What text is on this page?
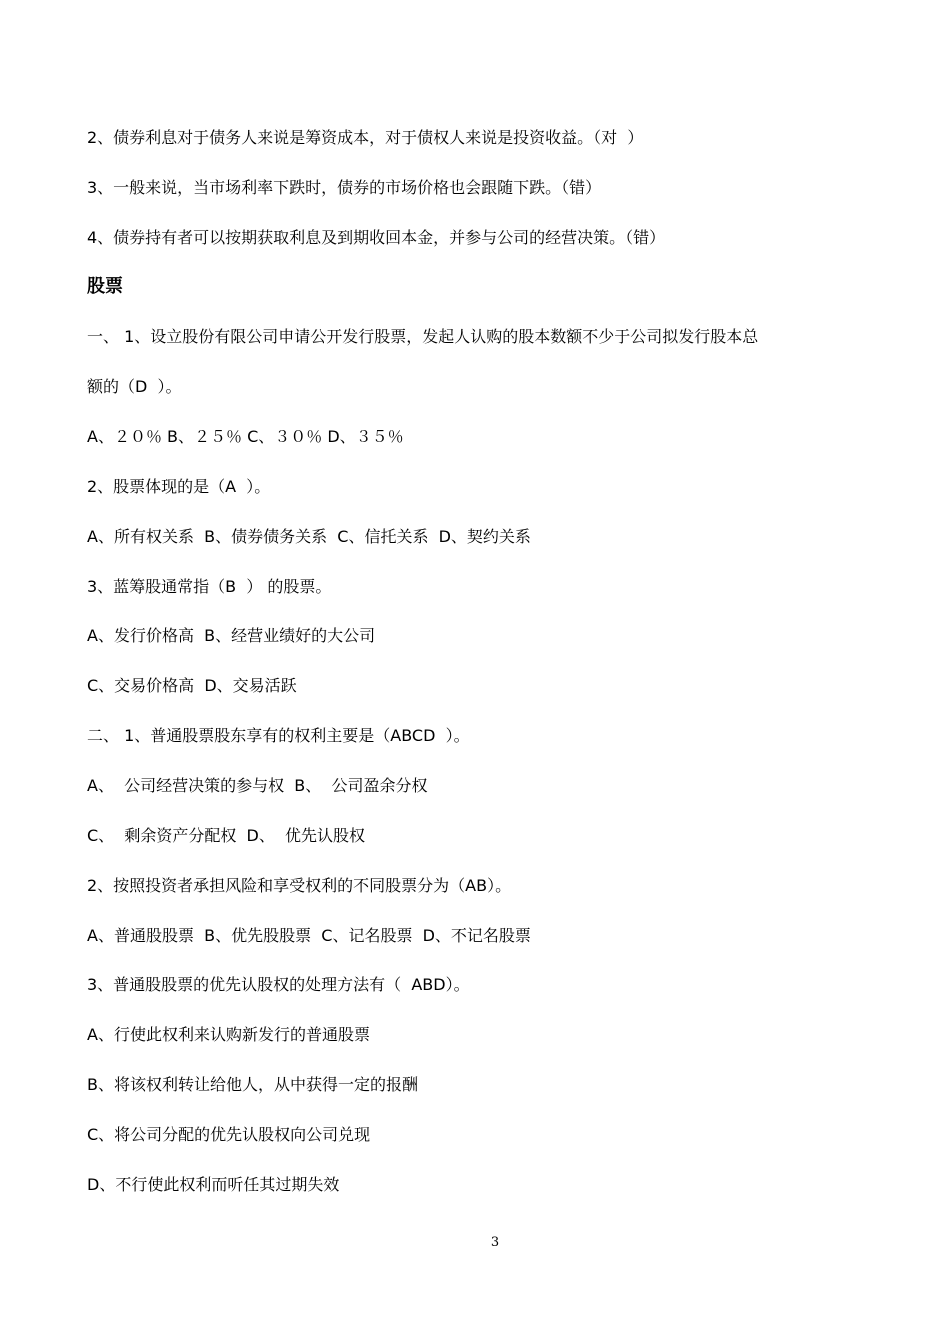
2、债券利息对于债务人来说是筹资成本，对于债权人来说是投资收益。（对  ）
3、一般来说，当市场利率下跌时，债券的市场价格也会跟随下跌。（错）
4、债券持有者可以按期获取利息及到期收回本金，并参与公司的经营决策。（错）
股票
一、 1、设立股份有限公司申请公开发行股票，发起人认购的股本数额不少于公司拟发行股本总
额的（D  ）。
A、２０％ B、２５％ C、３０％ D、３５％
2、股票体现的是（A  ）。
A、所有权关系  B、债券债务关系  C、信托关系  D、契约关系
3、蓝筹股通常指（B  ） 的股票。
A、发行价格高  B、经营业绩好的大公司
C、交易价格高  D、交易活跃
二、 1、普通股票股东享有的权利主要是（ABCD  ）。
A、  公司经营决策的参与权  B、  公司盈余分权
C、  剩余资产分配权  D、  优先认股权
2、按照投资者承担风险和享受权利的不同股票分为（AB）。
A、普通股股票  B、优先股股票  C、记名股票  D、不记名股票
3、普通股股票的优先认股权的处理方法有（  ABD）。
A、行使此权利来认购新发行的普通股票
B、将该权利转让给他人，从中获得一定的报酬
C、将公司分配的优先认股权向公司兑现
D、不行使此权利而听任其过期失效
3
